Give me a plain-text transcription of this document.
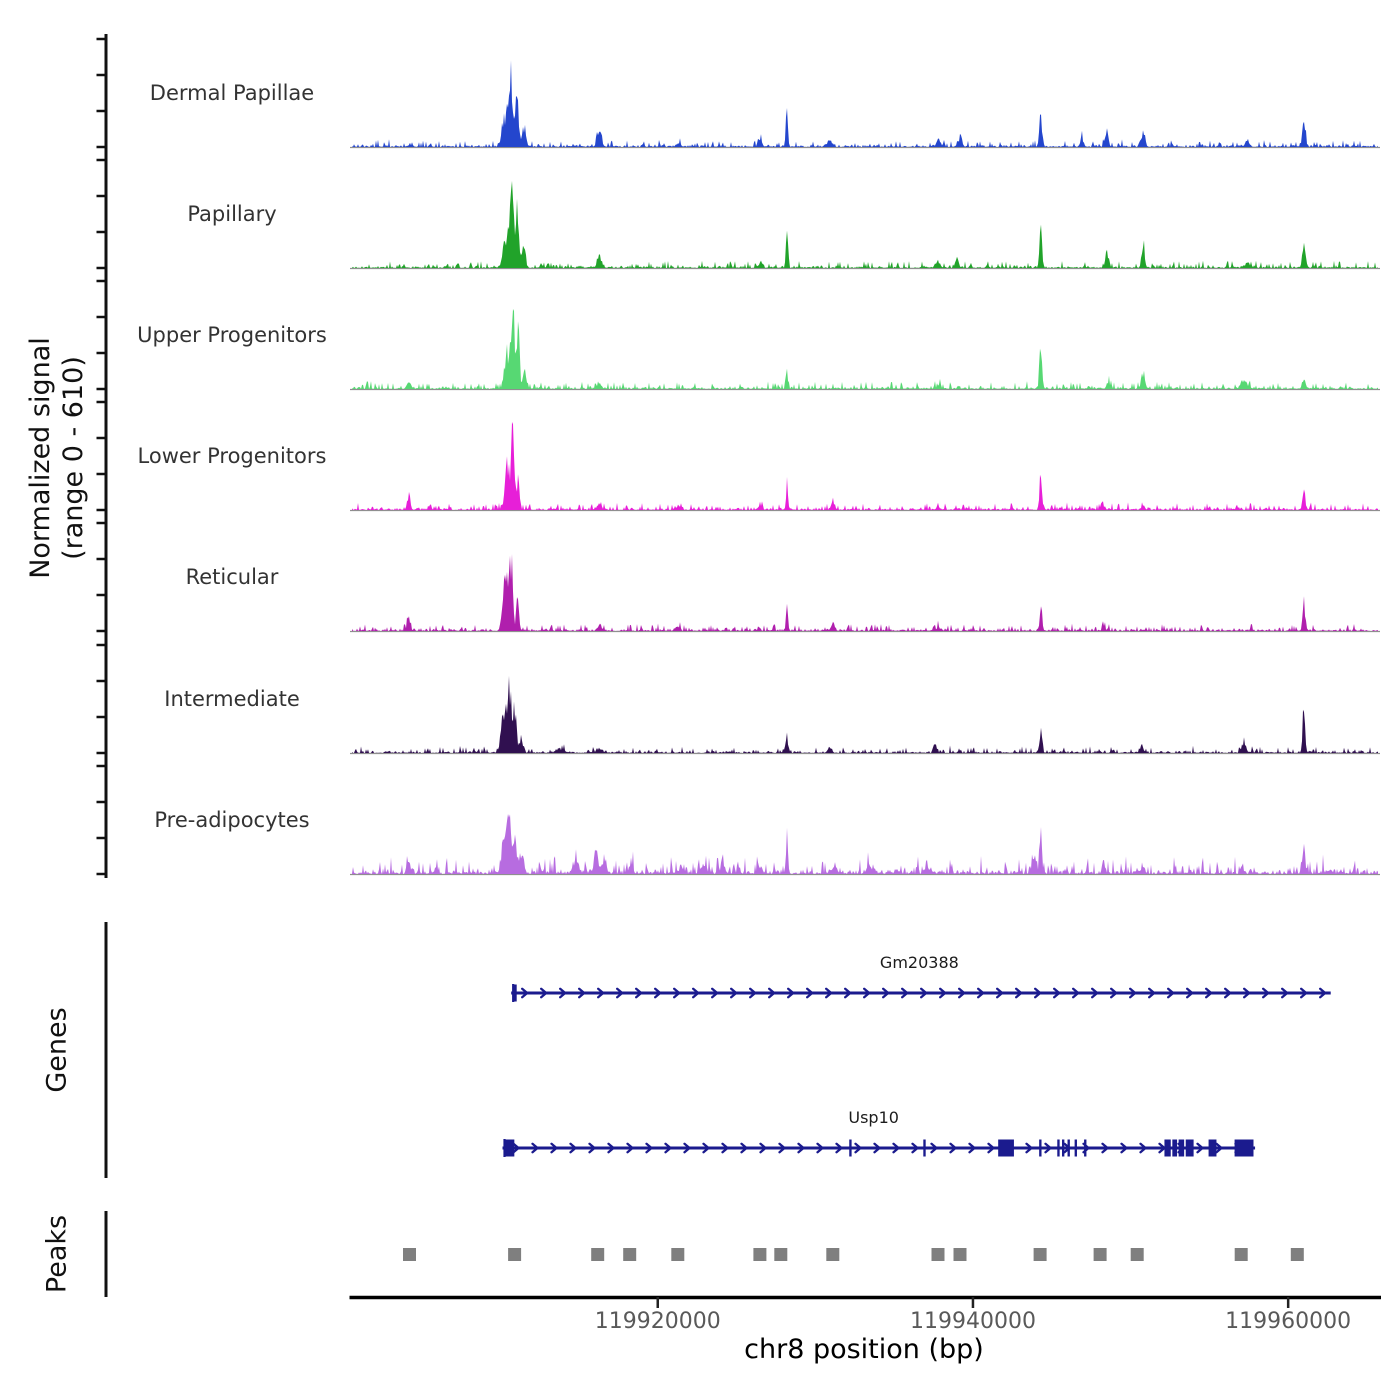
Normalized signal (range 0 - 610)
Genes
Peaks
Dermal Papillae
Papillary
Upper Progenitors
Lower Progenitors
Reticular
Intermediate
Pre-adipocytes
Gm20388
Usp10
119920000	119940000	119960000
chr8 position (bp)
